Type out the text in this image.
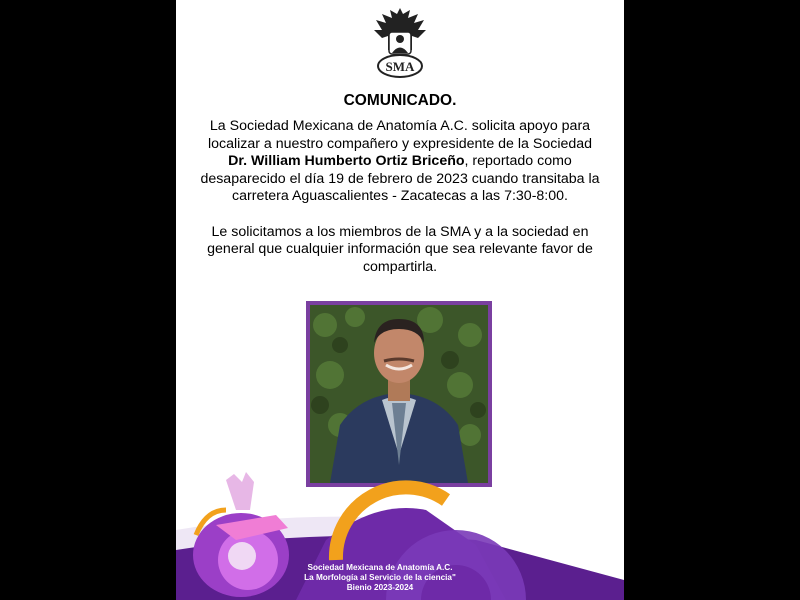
SMA
COMUNICADO.

La Sociedad Mexicana de Anatomía A.C. solicita apoyo para localizar a nuestro compañero y expresidente de la Sociedad Dr. William Humberto Ortiz Briceño, reportado como desaparecido el día 19 de febrero de 2023 cuando transitaba la carretera Aguascalientes - Zacatecas a las 7:30-8:00.

Le solicitamos a los miembros de la SMA y a la sociedad en general que cualquier información que sea relevante favor de compartirla.

Sociedad Mexicana de Anatomía A.C.
La Morfología al Servicio de la ciencia"
Bienio 2023-2024
